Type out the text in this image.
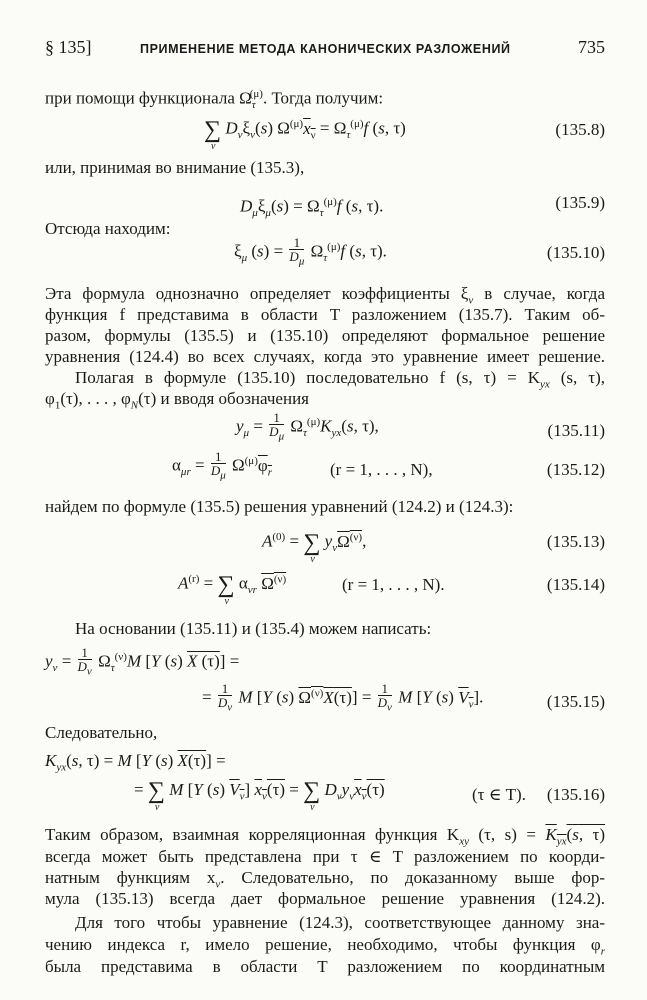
§ 135]	ПРИМЕНЕНИЕ МЕТОДА КАНОНИЧЕСКИХ РАЗЛОЖЕНИЙ	735
при помощи функционала $\Omega_\tau^{(\mu)}$. Тогда получим:
∑
ν
$D_\nu\xi_\nu(s) \Omega^{(\mu)}x_\nu = \Omega_\tau^{(\mu)}f$ (s, τ)	(135.8)
или, принимая во внимание (135.3),
$D_\mu\xi_\mu(s) = \Omega_\tau^{(\mu)}f$ (s, τ).	(135.9)
Отсюда находим:
$\xi_\mu$ $(s) = \frac{1}{D_\mu} \Omega_\tau^{(\mu)}f$ (s, τ).	(135.10)
Эта формула однозначно определяет коэффициенты $\xi_\nu$ в случае, когда
функция f представима в области T разложением (135.7). Таким об-
разом, формулы (135.5) и (135.10) определяют формальное решение
уравнения (124.4) во всех случаях, когда это уравнение имеет решение.
Полагая в формуле (135.10) последовательно f (s, $\tau) = K_{yx}$ (s, τ),
$\varphi_1(\tau)$, . . . , $\varphi_N(\tau)$ и вводя обозначения
$y_\mu = \frac{1}{D_\mu} \Omega_\tau^{(\mu)}K_{yx}(s$, τ),	(135.11)
$\alpha_{\mu r} = \frac{1}{D_\mu} \Omega^{(\mu)}\varphi_r$	(r = 1, . . . , N),	(135.12)
найдем по формуле (135.5) решения уравнений (124.2) и (124.3):
$A^{(0)}$ = ∑
ν
$y_\nu\Omega^{(\nu)}$,	(135.13)
$A^{(r)}$ = ∑
ν
$\alpha_{\nu r}$ $\Omega^{(\nu)}$	(r = 1, . . . , N).	(135.14)
На основании (135.11) и (135.4) можем написать:
$y_\nu = \frac{1}{D_\nu} \Omega_\tau^{(\nu)}M$ [Y (s) X (τ)] =
= $\frac{1}{D_\nu}$ M [Y (s) $\Omega^{(\nu)}X(\tau)] = \frac{1}{D_\nu}$ M [Y (s) $V_\nu$].	(135.15)
Следовательно,
$K_{yx}(s$, τ) = M [Y (s) X(τ)] =
= ∑
ν
M [Y (s) $V_\nu$] $x_\nu(\tau)$ = ∑
ν
$D_\nu y_\nu x_\nu(\tau)$	(τ ∈ T). (135.16)
Таким образом, взаимная корреляционная функция $K_{xy}$ (τ, $s) = K_{yx}(s$, τ)
всегда может быть представлена при τ ∈ T разложением по коорди-
натным функциям $x_\nu$. Следовательно, по доказанному выше фор-
мула (135.13) всегда дает формальное решение уравнения (124.2).
Для того чтобы уравнение (124.3), соответствующее данному зна-
чению индекса r, имело решение, необходимо, чтобы функция $\varphi_r$
была представима в области T разложением по координатным
